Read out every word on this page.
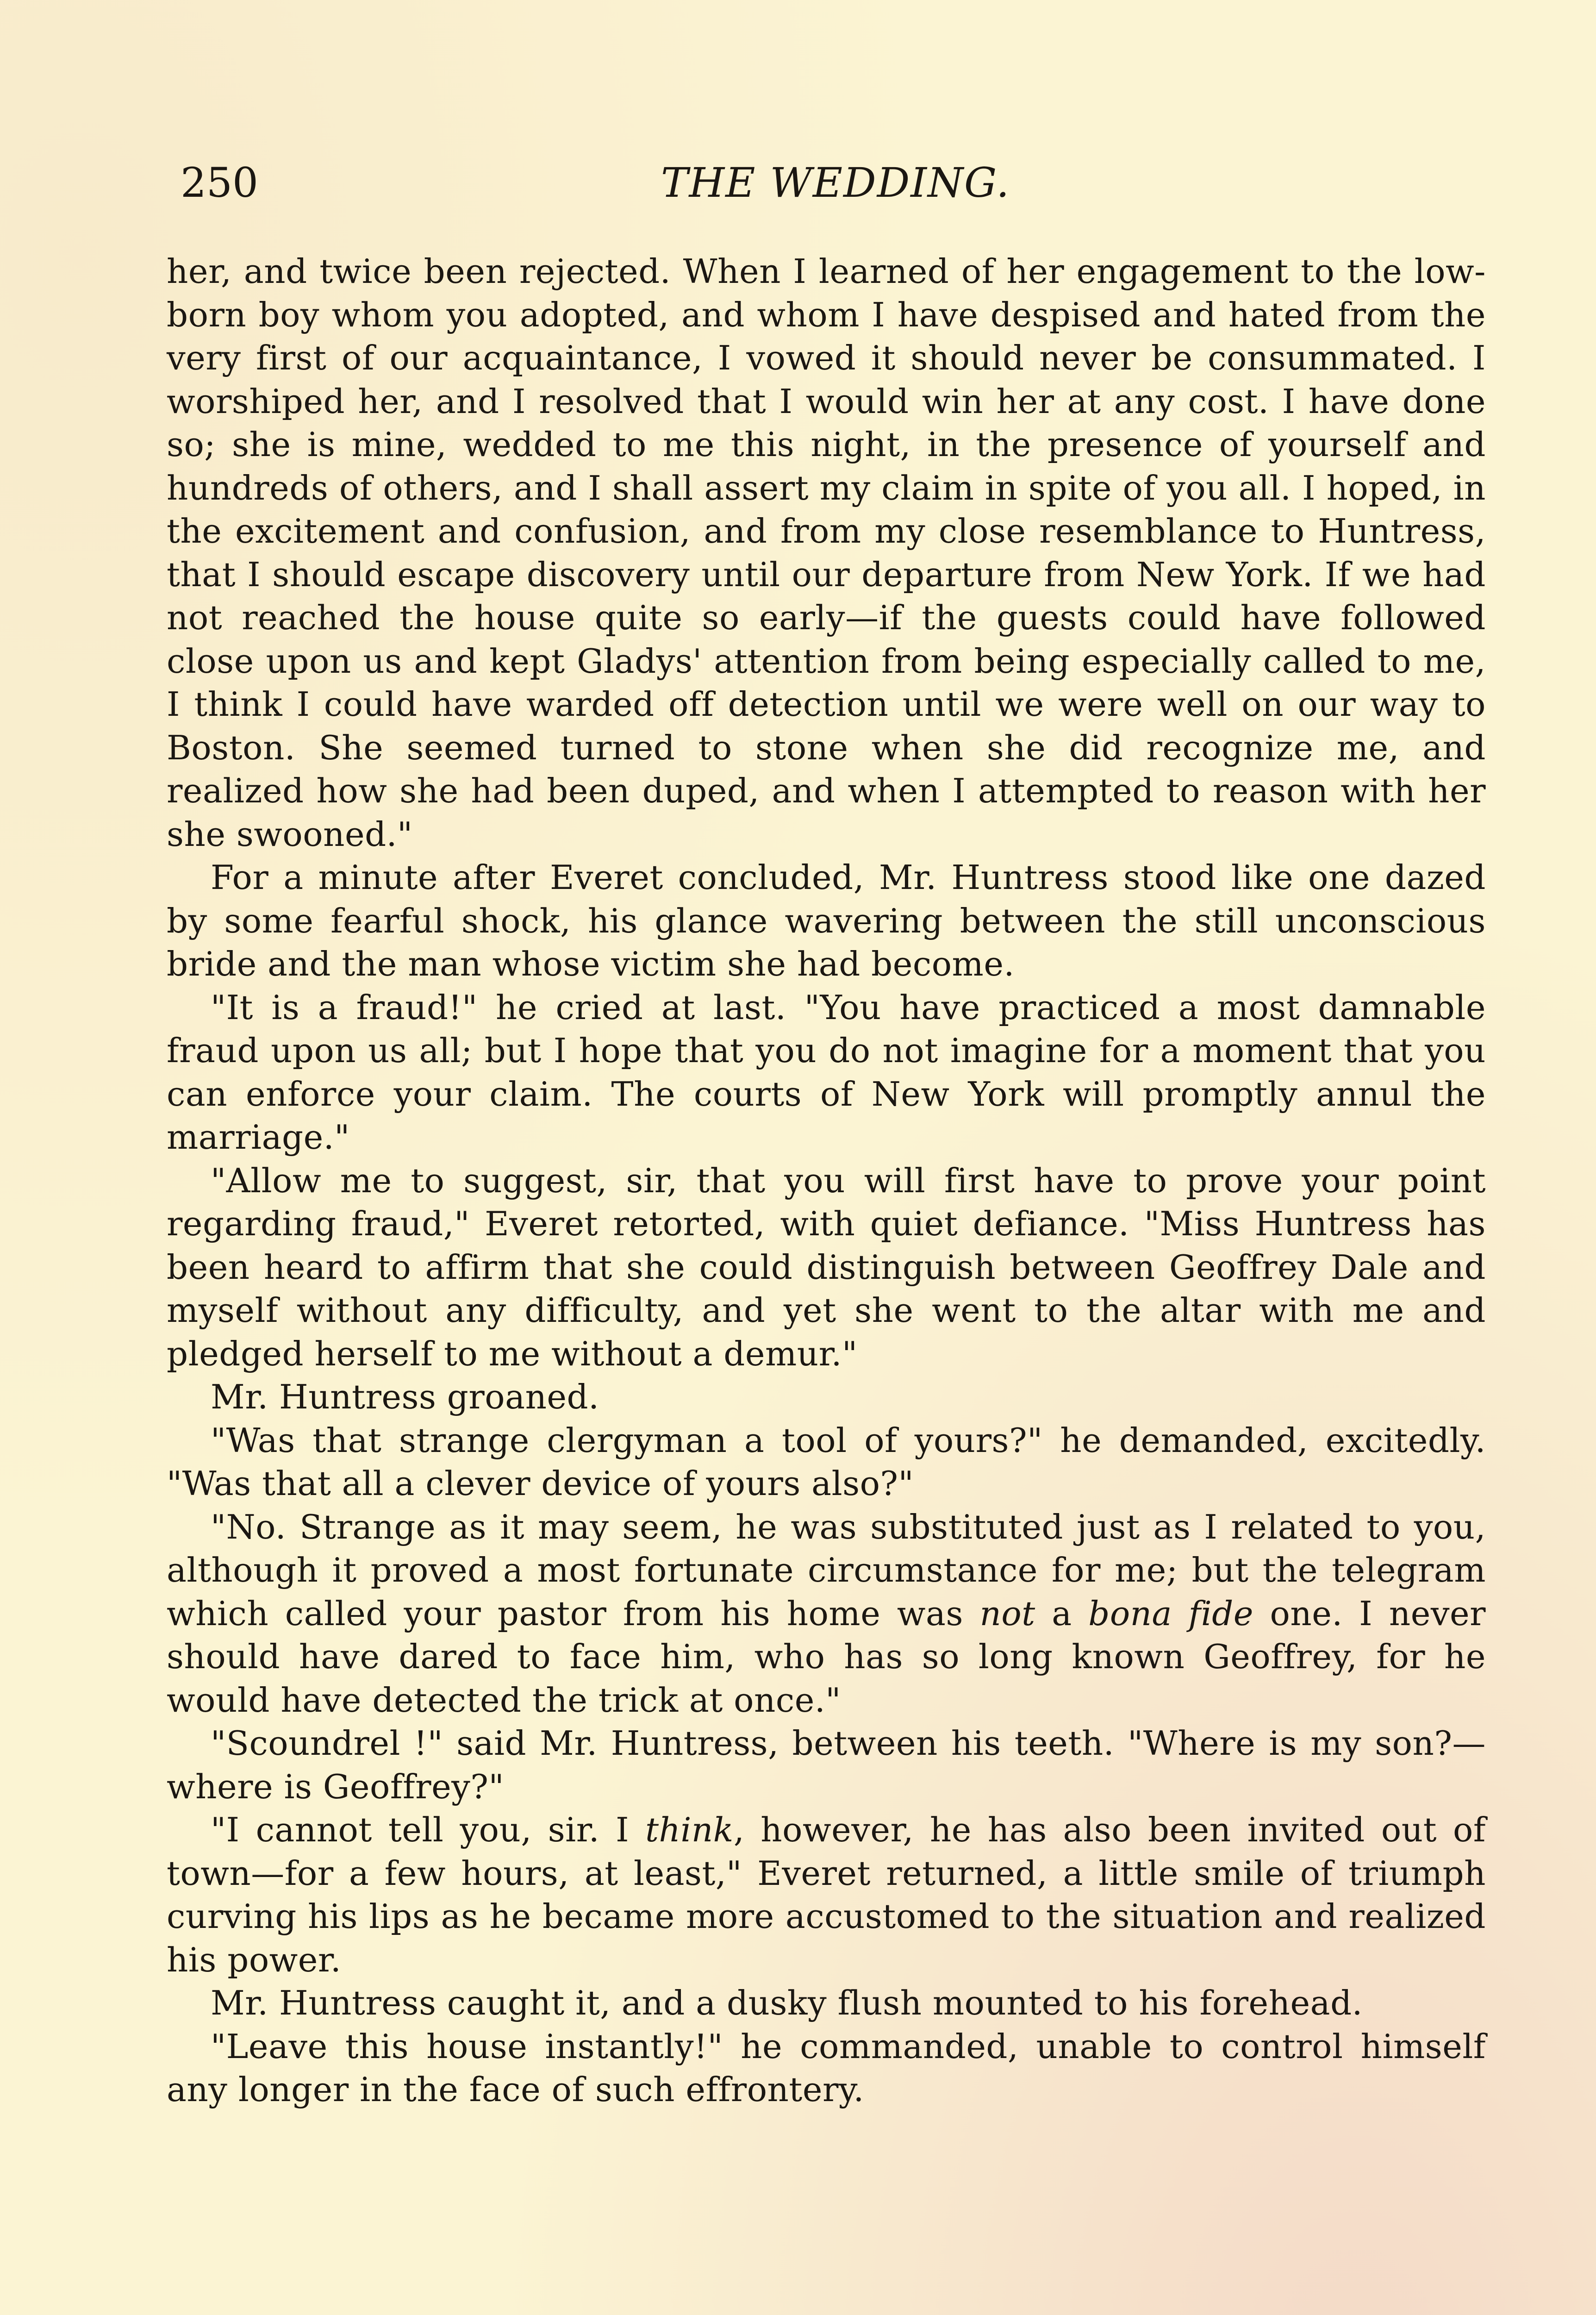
250	THE WEDDING.

her, and twice been rejected. When I learned of her engagement to the low-born boy whom you adopted, and whom I have despised and hated from the very first of our acquaintance, I vowed it should never be consummated. I worshiped her, and I resolved that I would win her at any cost. I have done so; she is mine, wedded to me this night, in the presence of yourself and hundreds of others, and I shall assert my claim in spite of you all. I hoped, in the excitement and confusion, and from my close resemblance to Huntress, that I should escape discovery until our departure from New York. If we had not reached the house quite so early—if the guests could have followed close upon us and kept Gladys' attention from being especially called to me, I think I could have warded off detection until we were well on our way to Boston. She seemed turned to stone when she did recognize me, and realized how she had been duped, and when I attempted to reason with her she swooned."

For a minute after Everet concluded, Mr. Huntress stood like one dazed by some fearful shock, his glance wavering between the still unconscious bride and the man whose victim she had become.

"It is a fraud!" he cried at last. "You have practiced a most damnable fraud upon us all; but I hope that you do not imagine for a moment that you can enforce your claim. The courts of New York will promptly annul the marriage."

"Allow me to suggest, sir, that you will first have to prove your point regarding fraud," Everet retorted, with quiet defiance. "Miss Huntress has been heard to affirm that she could distinguish between Geoffrey Dale and myself without any difficulty, and yet she went to the altar with me and pledged herself to me without a demur."

Mr. Huntress groaned.

"Was that strange clergyman a tool of yours?" he demanded, excitedly. "Was that all a clever device of yours also?"

"No. Strange as it may seem, he was substituted just as I related to you, although it proved a most fortunate circumstance for me; but the telegram which called your pastor from his home was not a bona fide one. I never should have dared to face him, who has so long known Geoffrey, for he would have detected the trick at once."

"Scoundrel !" said Mr. Huntress, between his teeth. "Where is my son?—where is Geoffrey?"

"I cannot tell you, sir. I think, however, he has also been invited out of town—for a few hours, at least," Everet returned, a little smile of triumph curving his lips as he became more accustomed to the situation and realized his power.

Mr. Huntress caught it, and a dusky flush mounted to his forehead.

"Leave this house instantly!" he commanded, unable to control himself any longer in the face of such effrontery.
